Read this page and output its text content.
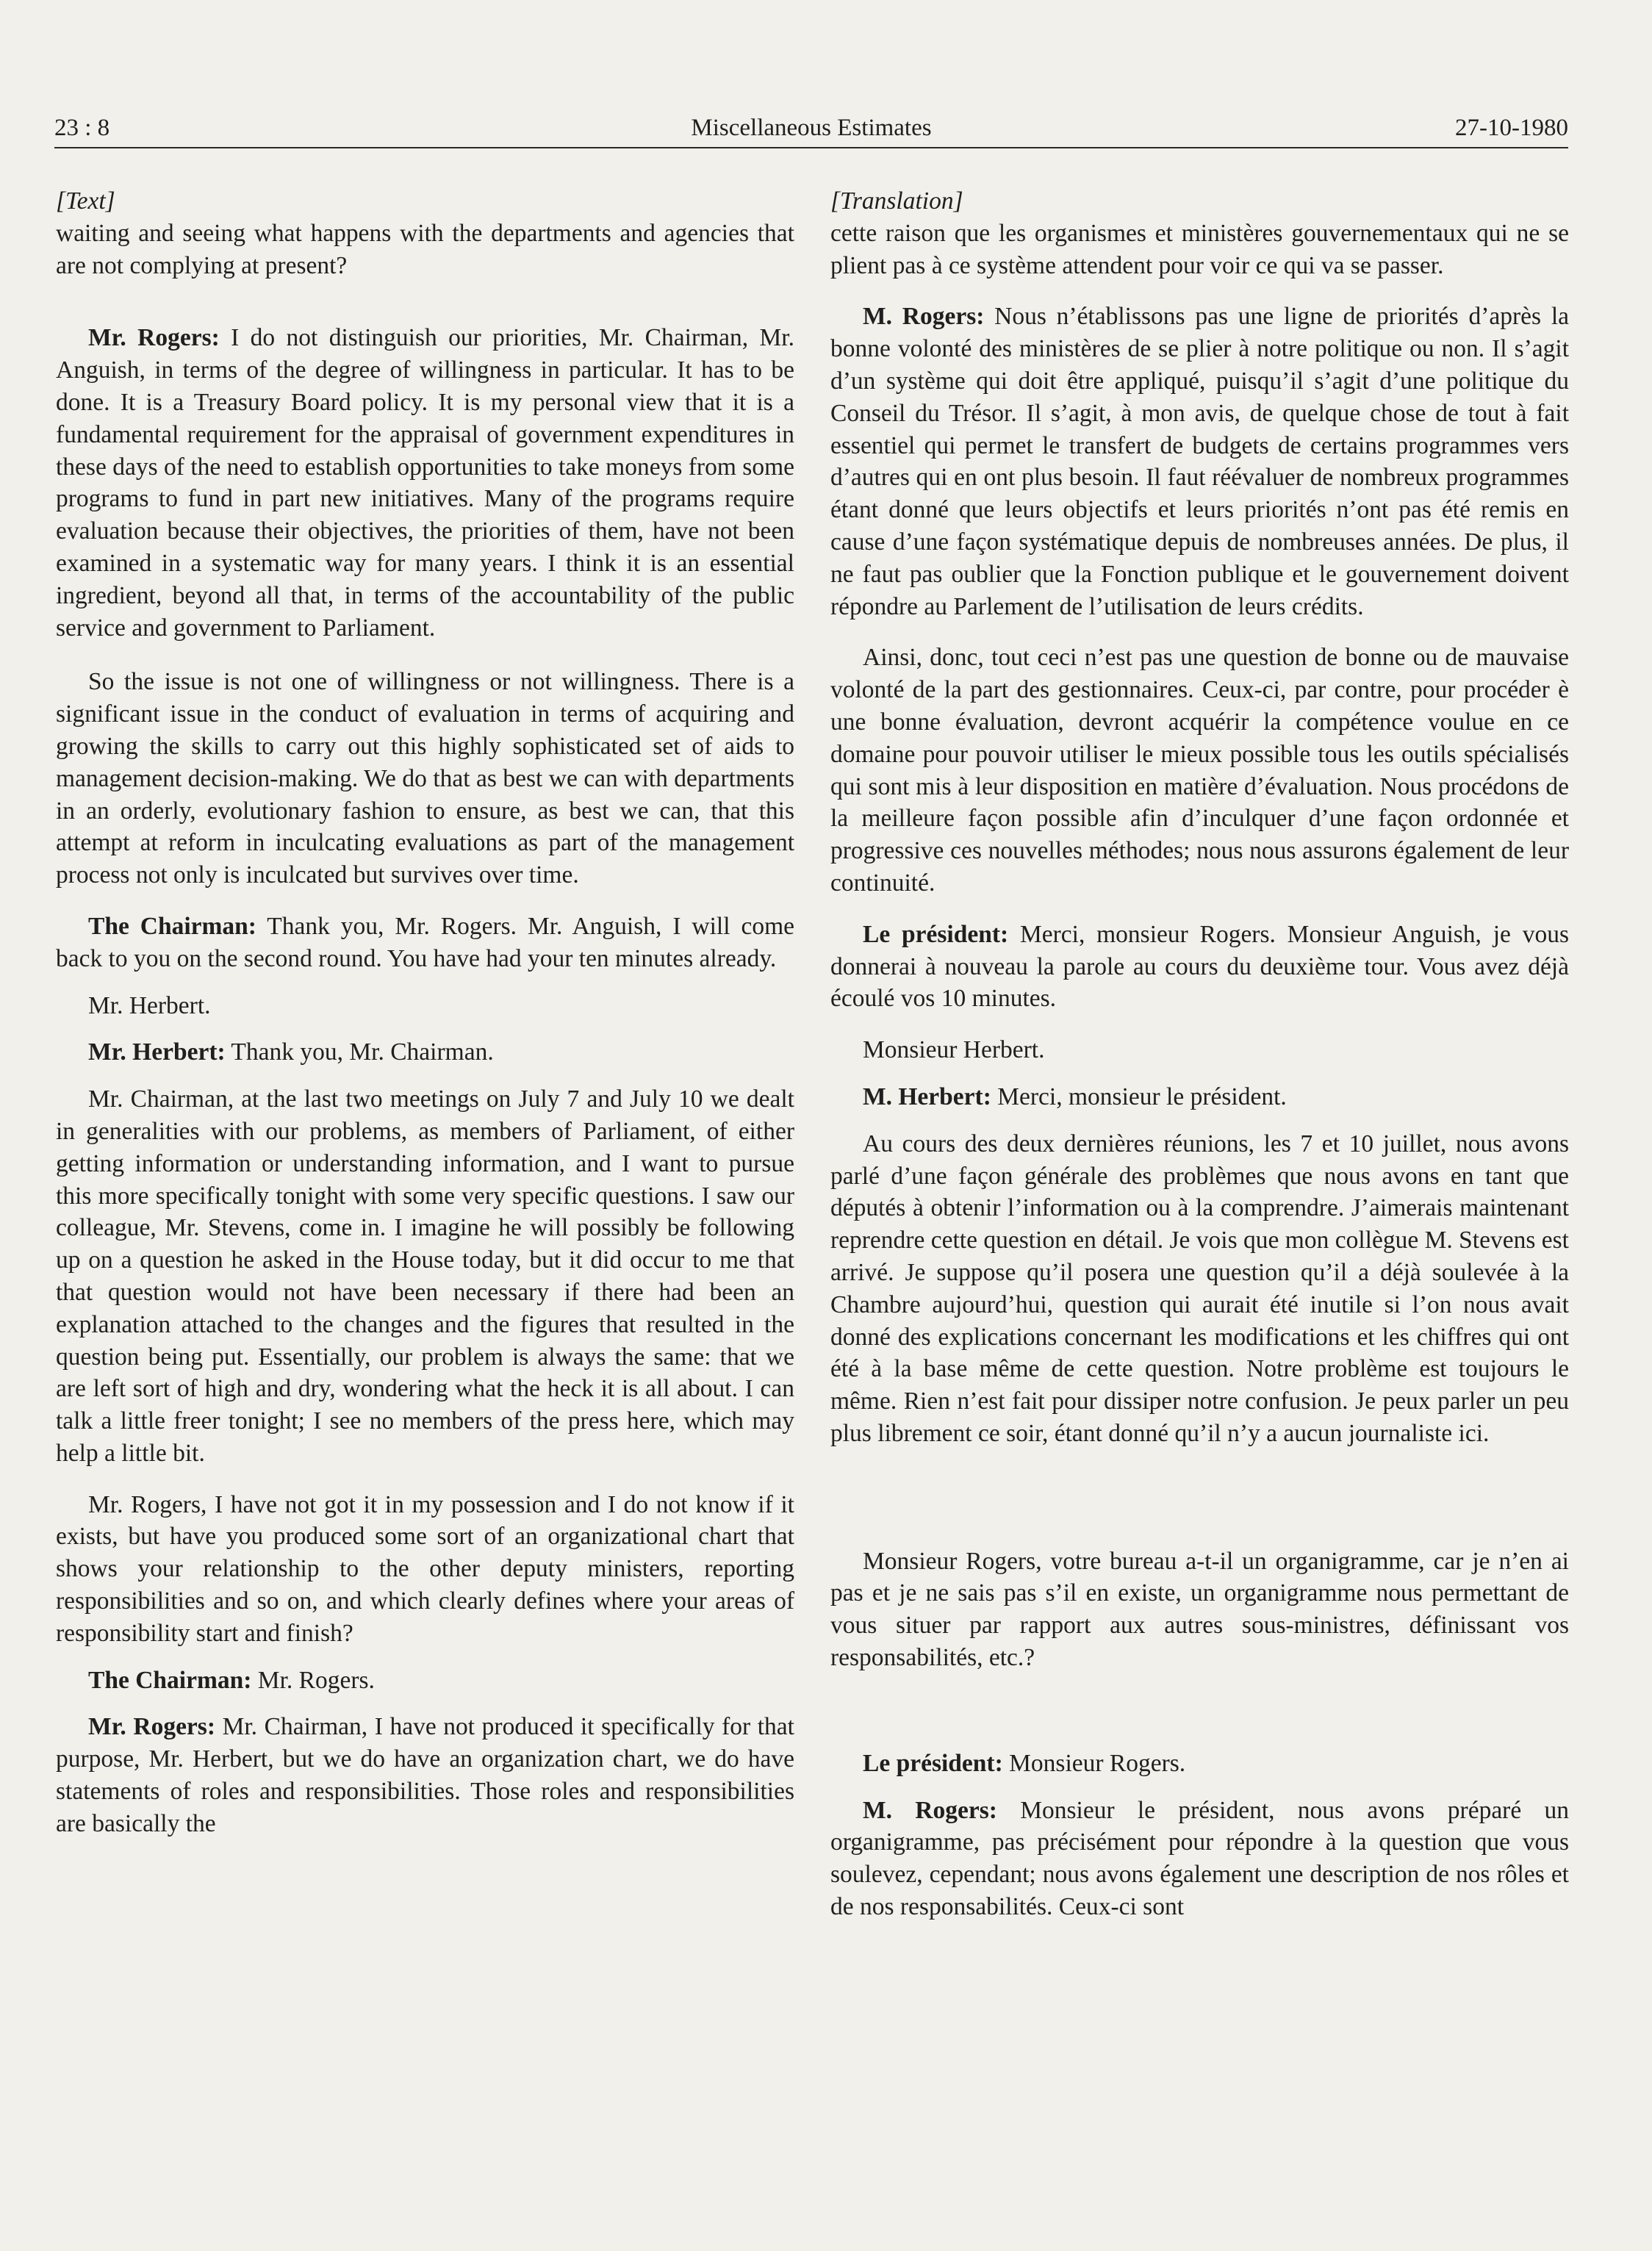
23 : 8	Miscellaneous Estimates	27-10-1980

[Text]

waiting and seeing what happens with the departments and agencies that are not complying at present?

Mr. Rogers: I do not distinguish our priorities, Mr. Chairman, Mr. Anguish, in terms of the degree of willingness in particular. It has to be done. It is a Treasury Board policy. It is my personal view that it is a fundamental requirement for the appraisal of government expenditures in these days of the need to establish opportunities to take moneys from some programs to fund in part new initiatives. Many of the programs require evaluation because their objectives, the priorities of them, have not been examined in a systematic way for many years. I think it is an essential ingredient, beyond all that, in terms of the accountability of the public service and government to Parliament.

So the issue is not one of willingness or not willingness. There is a significant issue in the conduct of evaluation in terms of acquiring and growing the skills to carry out this highly sophisticated set of aids to management decision-making. We do that as best we can with departments in an orderly, evolutionary fashion to ensure, as best we can, that this attempt at reform in inculcating evaluations as part of the management process not only is inculcated but survives over time.

The Chairman: Thank you, Mr. Rogers. Mr. Anguish, I will come back to you on the second round. You have had your ten minutes already.

Mr. Herbert.

Mr. Herbert: Thank you, Mr. Chairman.

Mr. Chairman, at the last two meetings on July 7 and July 10 we dealt in generalities with our problems, as members of Parliament, of either getting information or understanding information, and I want to pursue this more specifically tonight with some very specific questions. I saw our colleague, Mr. Stevens, come in. I imagine he will possibly be following up on a question he asked in the House today, but it did occur to me that that question would not have been necessary if there had been an explanation attached to the changes and the figures that resulted in the question being put. Essentially, our problem is always the same: that we are left sort of high and dry, wondering what the heck it is all about. I can talk a little freer tonight; I see no members of the press here, which may help a little bit.

Mr. Rogers, I have not got it in my possession and I do not know if it exists, but have you produced some sort of an organizational chart that shows your relationship to the other deputy ministers, reporting responsibilities and so on, and which clearly defines where your areas of responsibility start and finish?

The Chairman: Mr. Rogers.

Mr. Rogers: Mr. Chairman, I have not produced it specifically for that purpose, Mr. Herbert, but we do have an organization chart, we do have statements of roles and responsibilities. Those roles and responsibilities are basically the

[Translation]

cette raison que les organismes et ministères gouvernementaux qui ne se plient pas à ce système attendent pour voir ce qui va se passer.

M. Rogers: Nous n’établissons pas une ligne de priorités d’après la bonne volonté des ministères de se plier à notre politique ou non. Il s’agit d’un système qui doit être appliqué, puisqu’il s’agit d’une politique du Conseil du Trésor. Il s’agit, à mon avis, de quelque chose de tout à fait essentiel qui permet le transfert de budgets de certains programmes vers d’autres qui en ont plus besoin. Il faut réévaluer de nombreux programmes étant donné que leurs objectifs et leurs priorités n’ont pas été remis en cause d’une façon systématique depuis de nombreuses années. De plus, il ne faut pas oublier que la Fonction publique et le gouvernement doivent répondre au Parlement de l’utilisation de leurs crédits.

Ainsi, donc, tout ceci n’est pas une question de bonne ou de mauvaise volonté de la part des gestionnaires. Ceux-ci, par contre, pour procéder è une bonne évaluation, devront acquérir la compétence voulue en ce domaine pour pouvoir utiliser le mieux possible tous les outils spécialisés qui sont mis à leur disposition en matière d’évaluation. Nous procédons de la meilleure façon possible afin d’inculquer d’une façon ordonnée et progressive ces nouvelles méthodes; nous nous assurons également de leur continuité.

Le président: Merci, monsieur Rogers. Monsieur Anguish, je vous donnerai à nouveau la parole au cours du deuxième tour. Vous avez déjà écoulé vos 10 minutes.

Monsieur Herbert.

M. Herbert: Merci, monsieur le président.

Au cours des deux dernières réunions, les 7 et 10 juillet, nous avons parlé d’une façon générale des problèmes que nous avons en tant que députés à obtenir l’information ou à la comprendre. J’aimerais maintenant reprendre cette question en détail. Je vois que mon collègue M. Stevens est arrivé. Je suppose qu’il posera une question qu’il a déjà soulevée à la Chambre aujourd’hui, question qui aurait été inutile si l’on nous avait donné des explications concernant les modifications et les chiffres qui ont été à la base même de cette question. Notre problème est toujours le même. Rien n’est fait pour dissiper notre confusion. Je peux parler un peu plus librement ce soir, étant donné qu’il n’y a aucun journaliste ici.

Monsieur Rogers, votre bureau a-t-il un organigramme, car je n’en ai pas et je ne sais pas s’il en existe, un organigramme nous permettant de vous situer par rapport aux autres sous-ministres, définissant vos responsabilités, etc.?

Le président: Monsieur Rogers.

M. Rogers: Monsieur le président, nous avons préparé un organigramme, pas précisément pour répondre à la question que vous soulevez, cependant; nous avons également une description de nos rôles et de nos responsabilités. Ceux-ci sont
